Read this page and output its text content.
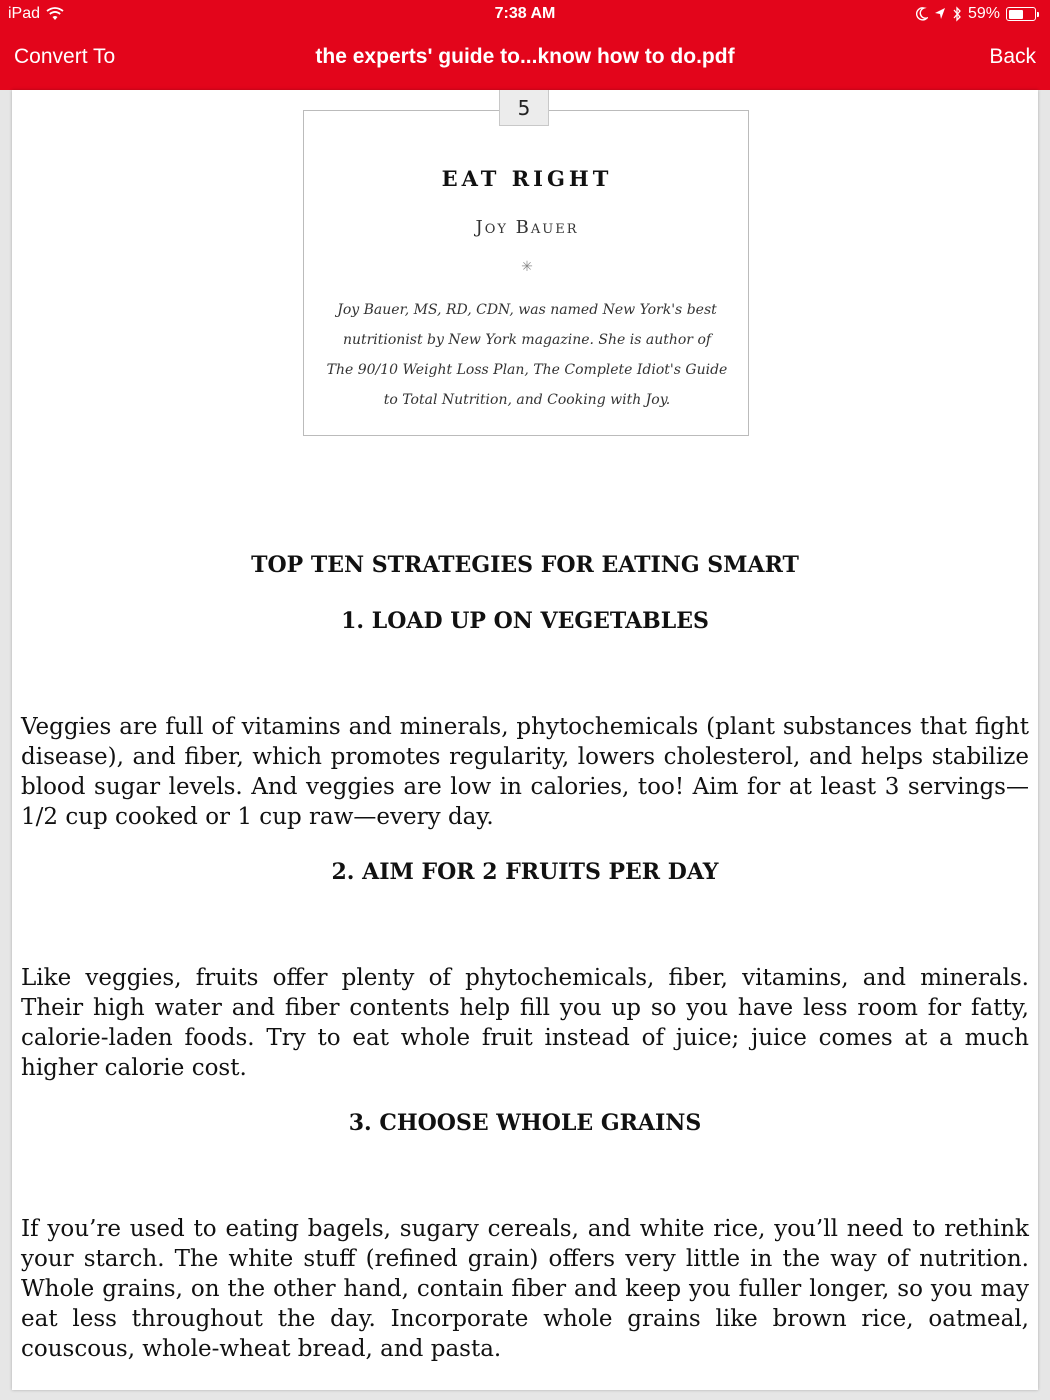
iPad	7:38 AM	59%
Convert To	the experts' guide to...know how to do.pdf	Back
EAT RIGHT
Joy Bauer
✳
Joy Bauer, MS, RD, CDN, was named New York's best
nutritionist by New York magazine. She is author of
The 90/10 Weight Loss Plan, The Complete Idiot's Guide
to Total Nutrition, and Cooking with Joy.
5
TOP TEN STRATEGIES FOR EATING SMART
1. LOAD UP ON VEGETABLES
Veggies are full of vitamins and minerals, phytochemicals (plant substances that fight disease), and fiber, which promotes regularity, lowers cholesterol, and helps stabilize blood sugar levels. And veggies are low in calories, too! Aim for at least 3 servings—1/2 cup cooked or 1 cup raw—every day.
2. AIM FOR 2 FRUITS PER DAY
Like veggies, fruits offer plenty of phytochemicals, fiber, vitamins, and minerals. Their high water and fiber contents help fill you up so you have less room for fatty, calorie-laden foods. Try to eat whole fruit instead of juice; juice comes at a much higher calorie cost.
3. CHOOSE WHOLE GRAINS
If you’re used to eating bagels, sugary cereals, and white rice, you’ll need to rethink your starch. The white stuff (refined grain) offers very little in the way of nutrition. Whole grains, on the other hand, contain fiber and keep you fuller longer, so you may eat less throughout the day. Incorporate whole grains like brown rice, oatmeal, couscous, whole-wheat bread, and pasta.
